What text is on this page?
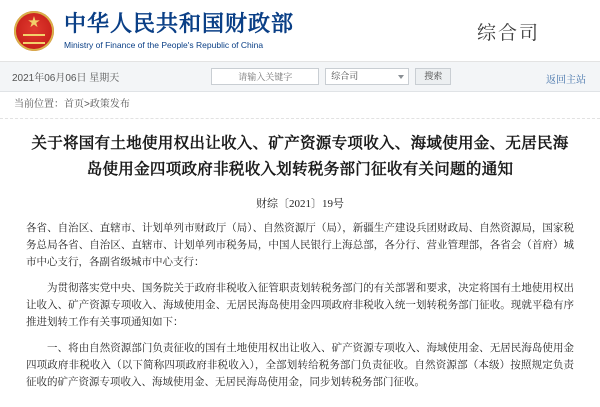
★
中华人民共和国财政部
Ministry of Finance of the People's Republic of China
综合司
2021年06月06日 星期天
请输入关键字	综合司	搜索	返回主站
当前位置：首页>政策发布
关于将国有土地使用权出让收入、矿产资源专项收入、海域使用金、无居民海岛使用金四项政府非税收入划转税务部门征收有关问题的通知
财综〔2021〕19号
各省、自治区、直辖市、计划单列市财政厅（局）、自然资源厅（局），新疆生产建设兵团财政局、自然资源局，国家税务总局各省、自治区、直辖市、计划单列市税务局，中国人民银行上海总部，各分行、营业管理部，各省会（首府）城市中心支行，各副省级城市中心支行：
为贯彻落实党中央、国务院关于政府非税收入征管职责划转税务部门的有关部署和要求，决定将国有土地使用权出让收入、矿产资源专项收入、海域使用金、无居民海岛使用金四项政府非税收入统一划转税务部门征收。现就平稳有序推进划转工作有关事项通知如下：
一、将由自然资源部门负责征收的国有土地使用权出让收入、矿产资源专项收入、海域使用金、无居民海岛使用金四项政府非税收入（以下简称四项政府非税收入），全部划转给税务部门负责征收。自然资源部（本级）按照规定负责征收的矿产资源专项收入、海域使用金、无居民海岛使用金，同步划转税务部门征收。
